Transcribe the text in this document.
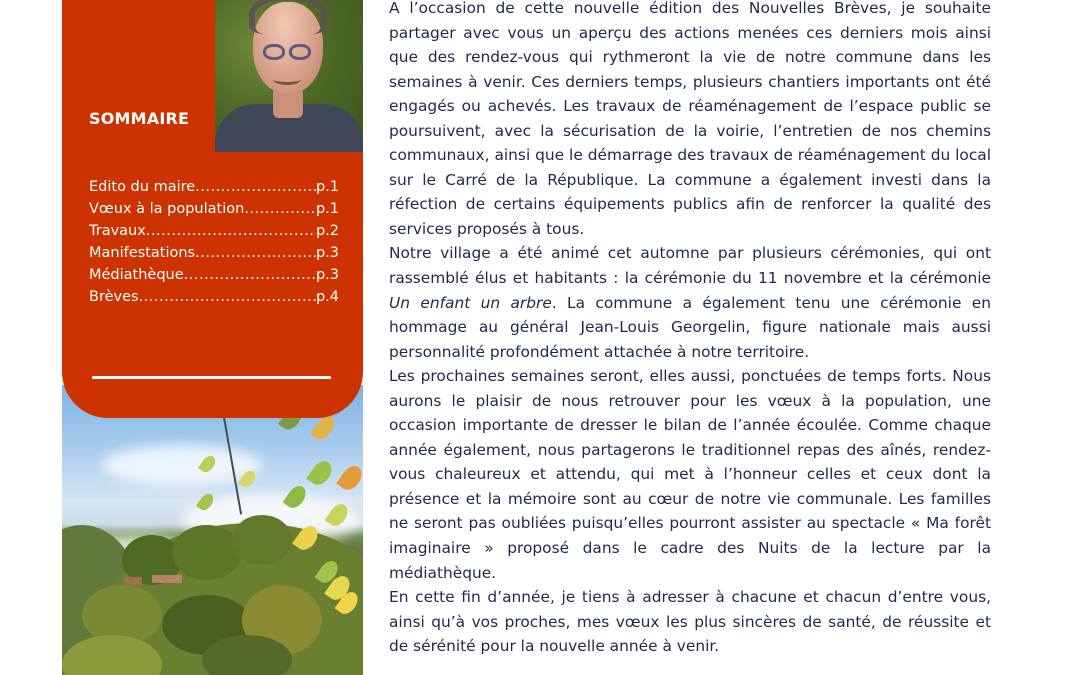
SOMMAIRE
Edito du maire .....	p.1
Vœux à la population .....	p.1
Travaux .....	p.2
Manifestations .....	p.3
Médiathèque .....	p.3
Brèves .....	p.4

A l’occasion de cette nouvelle édition des Nouvelles Brèves, je souhaite partager avec vous un aperçu des actions menées ces derniers mois ainsi que des rendez-vous qui rythmeront la vie de notre commune dans les semaines à venir. Ces derniers temps, plusieurs chantiers importants ont été engagés ou achevés. Les travaux de réaménagement de l’espace public se poursuivent, avec la sécurisation de la voirie, l’entretien de nos chemins communaux, ainsi que le démarrage des travaux de réaménagement du local sur le Carré de la République. La commune a également investi dans la réfection de certains équipements publics afin de renforcer la qualité des services proposés à tous.

Notre village a été animé cet automne par plusieurs cérémonies, qui ont rassemblé élus et habitants : la cérémonie du 11 novembre et la cérémonie Un enfant un arbre. La commune a également tenu une cérémonie en hommage au général Jean-Louis Georgelin, figure nationale mais aussi personnalité profondément attachée à notre territoire.

Les prochaines semaines seront, elles aussi, ponctuées de temps forts. Nous aurons le plaisir de nous retrouver pour les vœux à la population, une occasion importante de dresser le bilan de l’année écoulée. Comme chaque année également, nous partagerons le traditionnel repas des aînés, rendez-vous chaleureux et attendu, qui met à l’honneur celles et ceux dont la présence et la mémoire sont au cœur de notre vie communale. Les familles ne seront pas oubliées puisqu’elles pourront assister au spectacle « Ma forêt imaginaire » proposé dans le cadre des Nuits de la lecture par la médiathèque.

En cette fin d’année, je tiens à adresser à chacune et chacun d’entre vous, ainsi qu’à vos proches, mes vœux les plus sincères de santé, de réussite et de sérénité pour la nouvelle année à venir.
